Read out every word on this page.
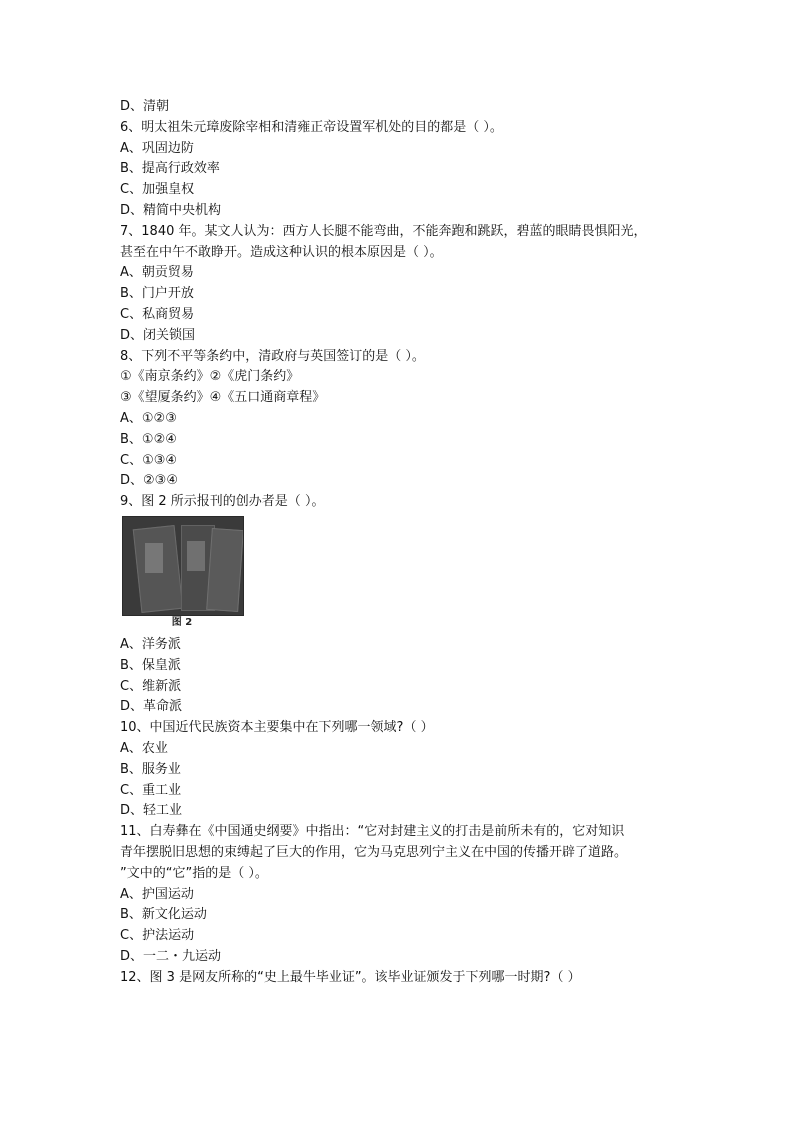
D、清朝
6、明太祖朱元璋废除宰相和清雍正帝设置军机处的目的都是（ ）。
A、巩固边防
B、提高行政效率
C、加强皇权
D、精简中央机构
7、1840 年。某文人认为：西方人长腿不能弯曲，不能奔跑和跳跃，碧蓝的眼睛畏惧阳光，
甚至在中午不敢睁开。造成这种认识的根本原因是（ ）。
A、朝贡贸易
B、门户开放
C、私商贸易
D、闭关锁国
8、下列不平等条约中，清政府与英国签订的是（ ）。
①《南京条约》②《虎门条约》
③《望厦条约》④《五口通商章程》
A、①②③
B、①②④
C、①③④
D、②③④
9、图 2 所示报刊的创办者是（ ）。
图 2
A、洋务派
B、保皇派
C、维新派
D、革命派
10、中国近代民族资本主要集中在下列哪一领域?（ ）
A、农业
B、服务业
C、重工业
D、轻工业
11、白寿彝在《中国通史纲要》中指出：“它对封建主义的打击是前所未有的，它对知识
青年摆脱旧思想的束缚起了巨大的作用，它为马克思列宁主义在中国的传播开辟了道路。
”文中的“它”指的是（ ）。
A、护国运动
B、新文化运动
C、护法运动
D、一二・九运动
12、图 3 是网友所称的“史上最牛毕业证”。该毕业证颁发于下列哪一时期?（ ）
